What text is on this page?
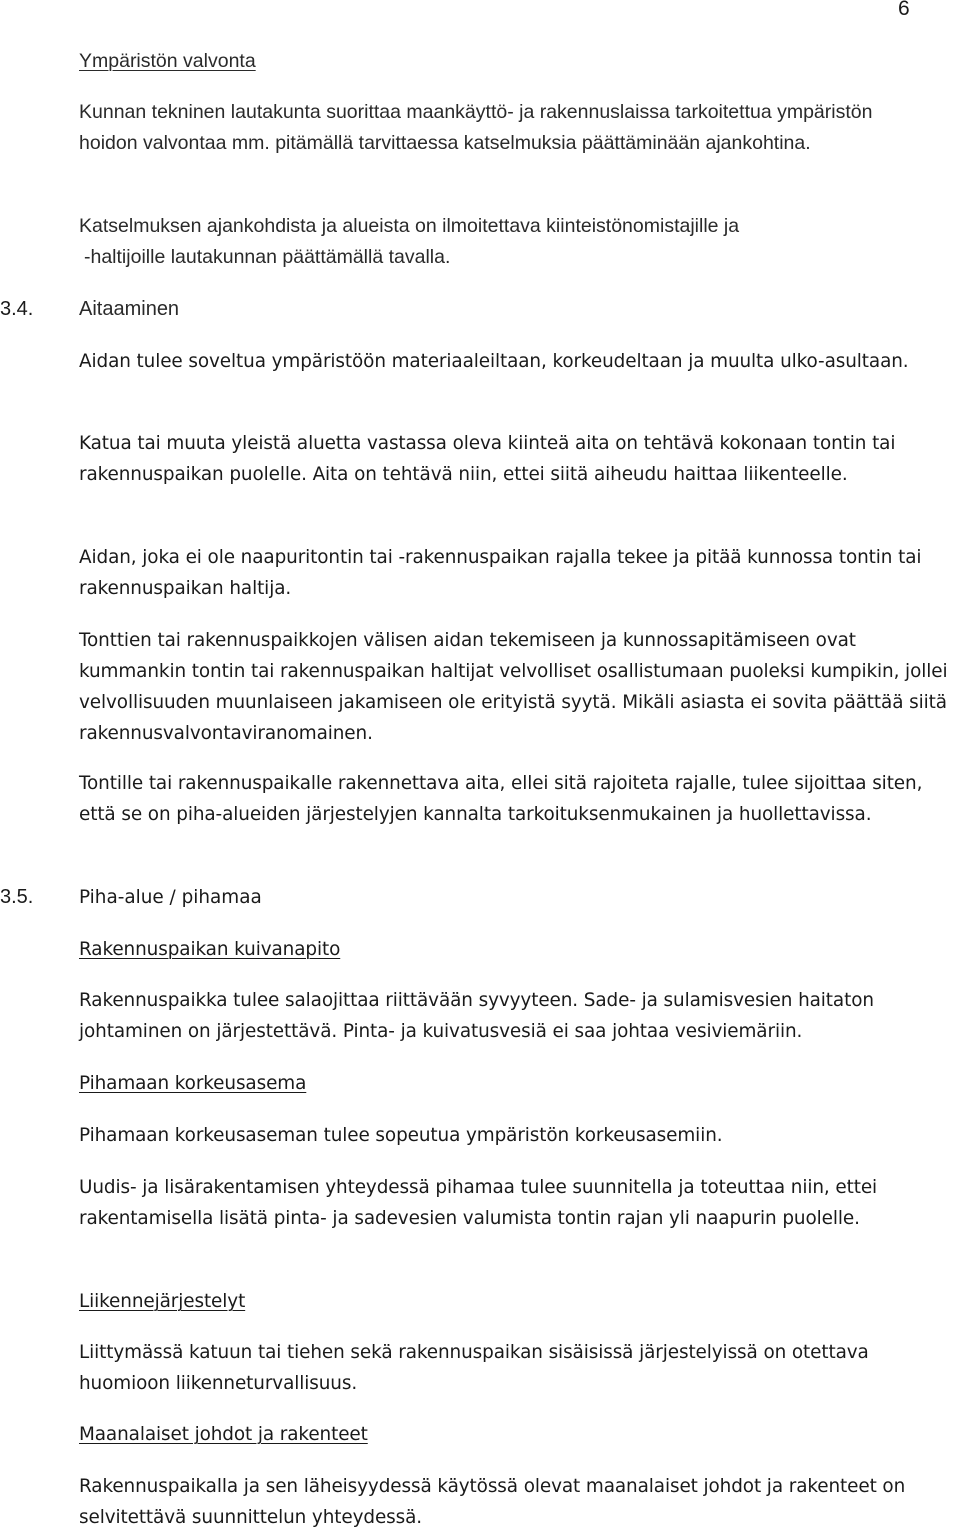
6
Ympäristön valvonta
Kunnan tekninen lautakunta suorittaa maankäyttö- ja rakennuslaissa tarkoitettua ympäristön hoidon valvontaa mm. pitämällä tarvittaessa katselmuksia päättäminään ajankohtina.
Katselmuksen ajankohdista ja alueista on ilmoitettava kiinteistönomistajille ja
-haltijoille lautakunnan päättämällä tavalla.
3.4. Aitaaminen
Aidan tulee soveltua ympäristöön materiaaleiltaan, korkeudeltaan ja muulta ulko-asultaan.
Katua tai muuta yleistä aluetta vastassa oleva kiinteä aita on tehtävä kokonaan tontin tai rakennuspaikan puolelle. Aita on tehtävä niin, ettei siitä aiheudu haittaa liikenteelle.
Aidan, joka ei ole naapuritontin tai -rakennuspaikan rajalla tekee ja pitää kunnossa tontin tai rakennuspaikan haltija.
Tonttien tai rakennuspaikkojen välisen aidan tekemiseen ja kunnossapitämiseen ovat kummankin tontin tai rakennuspaikan haltijat velvolliset osallistumaan puoleksi kumpikin, jollei velvollisuuden muunlaiseen jakamiseen ole erityistä syytä. Mikäli asiasta ei sovita päättää siitä rakennusvalvontaviranomainen.
Tontille tai rakennuspaikalle rakennettava aita, ellei sitä rajoiteta rajalle, tulee sijoittaa siten, että se on piha-alueiden järjestelyjen kannalta tarkoituksenmukainen ja huollettavissa.
3.5. Piha-alue / pihamaa
Rakennuspaikan kuivanapito
Rakennuspaikka tulee salaojittaa riittävään syvyyteen. Sade- ja sulamisvesien haitaton johtaminen on järjestettävä. Pinta- ja kuivatusvesiä ei saa johtaa vesiviemäriin.
Pihamaan korkeusasema
Pihamaan korkeusaseman tulee sopeutua ympäristön korkeusasemiin.
Uudis- ja lisärakentamisen yhteydessä pihamaa tulee suunnitella ja toteuttaa niin, ettei rakentamisella lisätä pinta- ja sadevesien valumista tontin rajan yli naapurin puolelle.
Liikennejärjestelyt
Liittymässä katuun tai tiehen sekä rakennuspaikan sisäisissä järjestelyissä on otettava huomioon liikenneturvallisuus.
Maanalaiset johdot ja rakenteet
Rakennuspaikalla ja sen läheisyydessä käytössä olevat maanalaiset johdot ja rakenteet on selvitettävä suunnittelun yhteydessä.
